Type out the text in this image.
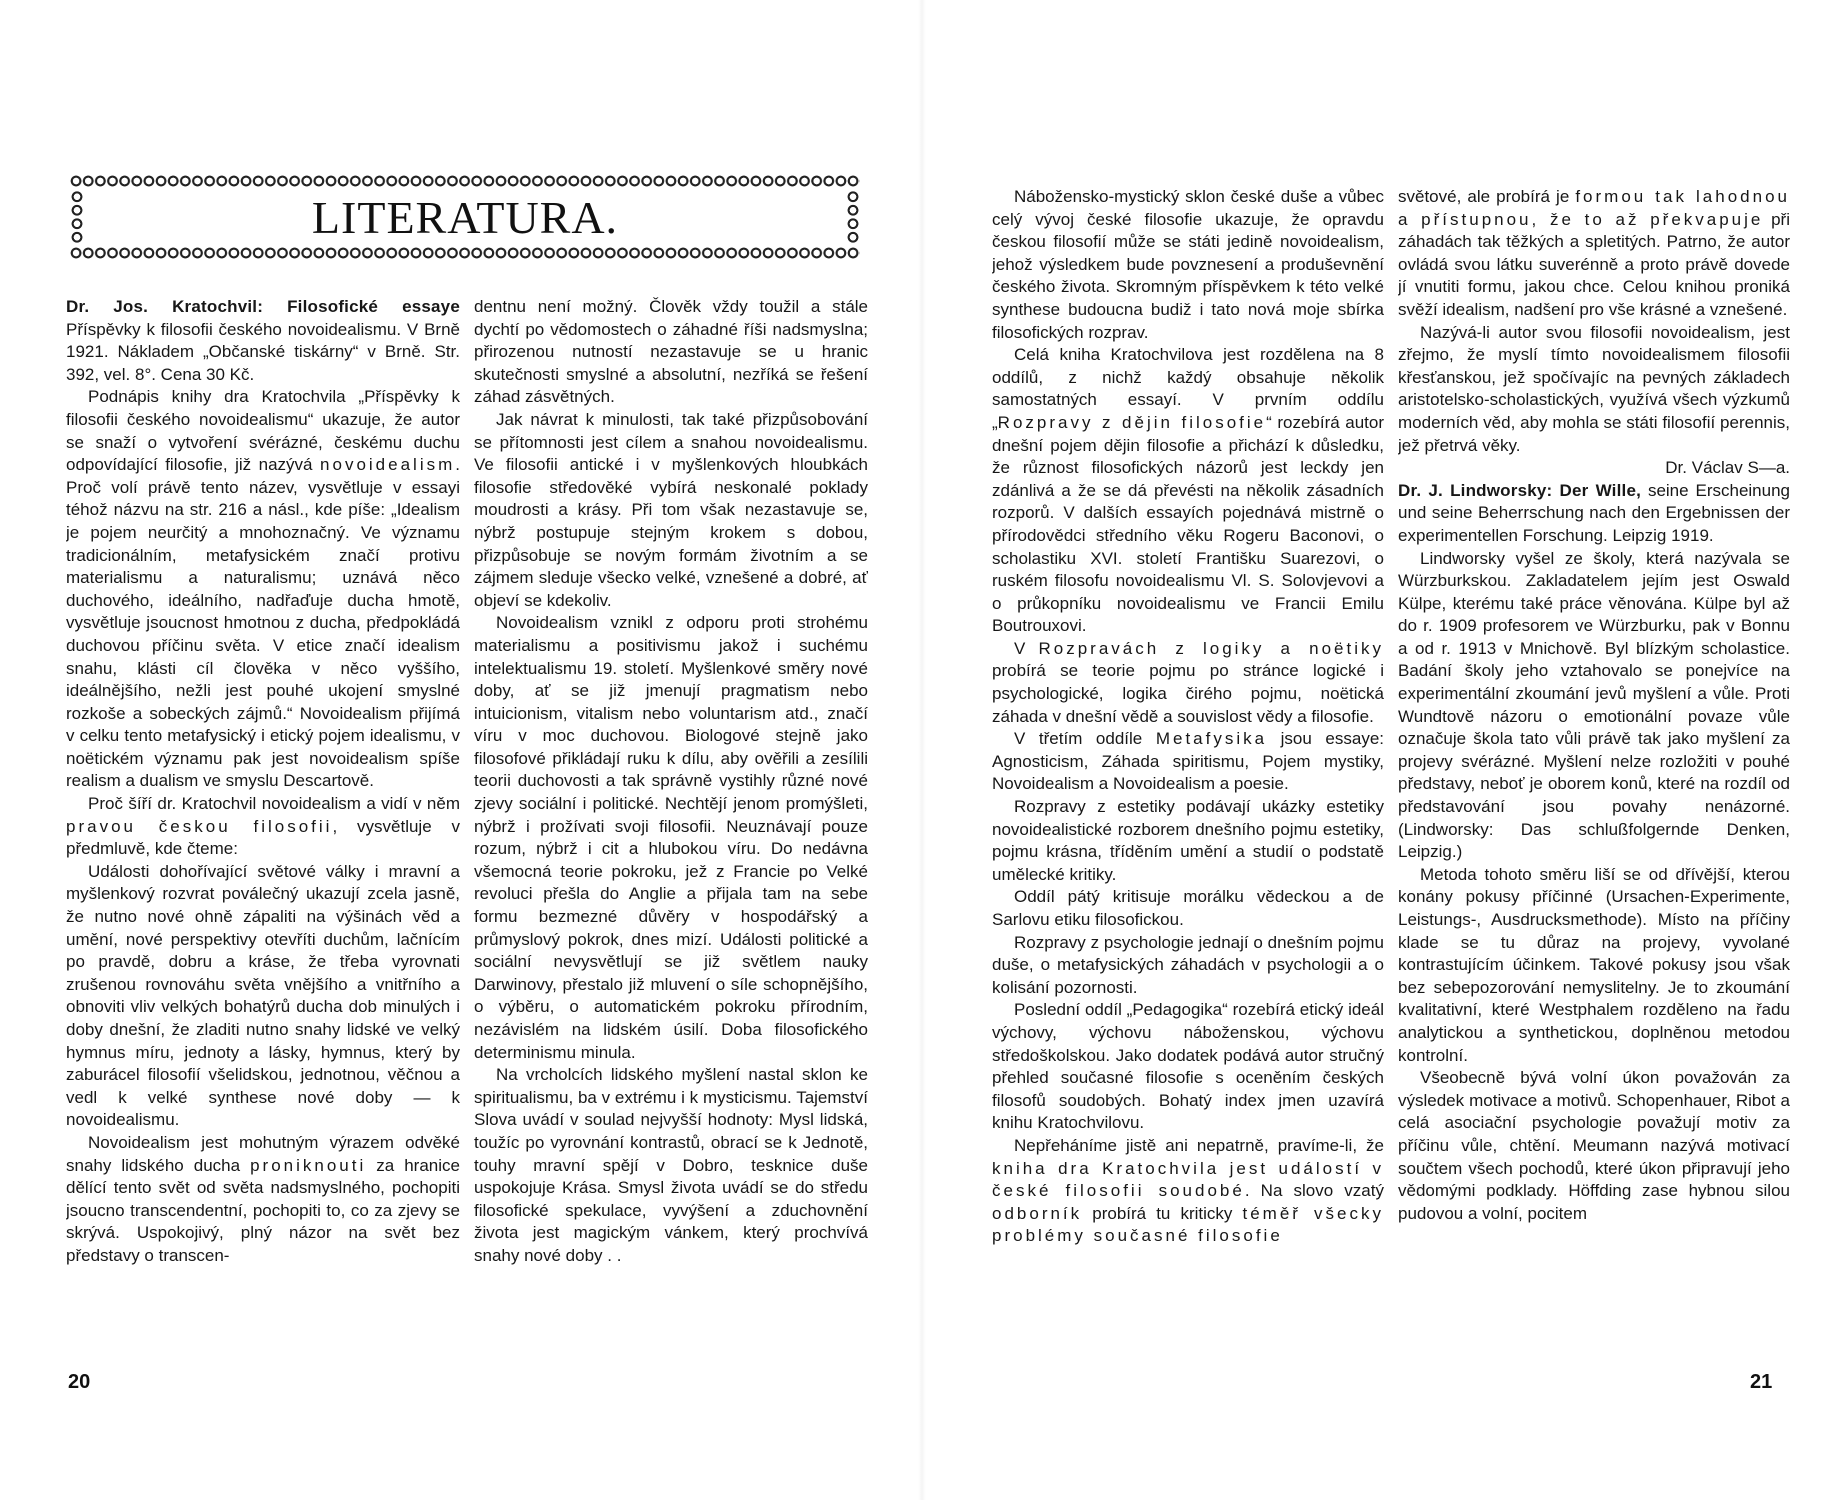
LITERATURA.

Dr. Jos. Kratochvil: Filosofické essaye Příspěvky k filosofii českého novoidealismu. V Brně 1921. Nákladem „Občanské tiskárny“ v Brně. Str. 392, vel. 8°. Cena 30 Kč.

Podnápis knihy dra Kratochvila „Příspěvky k filosofii českého novoidealismu“ ukazuje, že autor se snaží o vytvoření svérázné, českému duchu odpovídající filosofie, již nazývá novoidealism. Proč volí právě tento název, vysvětluje v essayi téhož názvu na str. 216 a násl., kde píše: „Idealism je pojem neurčitý a mnohoznačný. Ve významu tradicionálním, metafysickém značí protivu materialismu a naturalismu; uznává něco duchového, ideálního, nadřaďuje ducha hmotě, vysvětluje jsoucnost hmotnou z ducha, předpokládá duchovou příčinu světa. V etice značí idealism snahu, klásti cíl člověka v něco vyššího, ideálnějšího, nežli jest pouhé ukojení smyslné rozkoše a sobeckých zájmů.“ Novoidealism přijímá v celku tento metafysický i etický pojem idealismu, v noëtickém významu pak jest novoidealism spíše realism a dualism ve smyslu Descartově.

Proč šíří dr. Kratochvil novoidealism a vidí v něm pravou českou filosofii, vysvětluje v předmluvě, kde čteme:

Události dohořívající světové války i mravní a myšlenkový rozvrat poválečný ukazují zcela jasně, že nutno nové ohně zápaliti na výšinách věd a umění, nové perspektivy otevříti duchům, lačnícím po pravdě, dobru a kráse, že třeba vyrovnati zrušenou rovnováhu světa vnějšího a vnitřního a obnoviti vliv velkých bohatýrů ducha dob minulých i doby dnešní, že zladiti nutno snahy lidské ve velký hymnus míru, jednoty a lásky, hymnus, který by zaburácel filosofií všelidskou, jednotnou, věčnou a vedl k velké synthese nové doby — k novoidealismu.

Novoidealism jest mohutným výrazem odvěké snahy lidského ducha proniknouti za hranice dělící tento svět od světa nadsmyslného, pochopiti jsoucno transcendentní, pochopiti to, co za zjevy se skrývá. Uspokojivý, plný názor na svět bez představy o transcen-

dentnu není možný. Člověk vždy toužil a stále dychtí po vědomostech o záhadné říši nadsmyslna; přirozenou nutností nezastavuje se u hranic skutečnosti smyslné a absolutní, nezříká se řešení záhad zásvětných.

Jak návrat k minulosti, tak také přizpůsobování se přítomnosti jest cílem a snahou novoidealismu. Ve filosofii antické i v myšlenkových hloubkách filosofie středověké vybírá neskonalé poklady moudrosti a krásy. Při tom však nezastavuje se, nýbrž postupuje stejným krokem s dobou, přizpůsobuje se novým formám životním a se zájmem sleduje všecko velké, vznešené a dobré, ať objeví se kdekoliv.

Novoidealism vznikl z odporu proti strohému materialismu a positivismu jakož i suchému intelektualismu 19. století. Myšlenkové směry nové doby, ať se již jmenují pragmatism nebo intuicionism, vitalism nebo voluntarism atd., značí víru v moc duchovou. Biologové stejně jako filosofové přikládají ruku k dílu, aby ověřili a zesílili teorii duchovosti a tak správně vystihly různé nové zjevy sociální i politické. Nechtějí jenom promýšleti, nýbrž i prožívati svoji filosofii. Neuznávají pouze rozum, nýbrž i cit a hlubokou víru. Do nedávna všemocná teorie pokroku, jež z Francie po Velké revoluci přešla do Anglie a přijala tam na sebe formu bezmezné důvěry v hospodářský a průmyslový pokrok, dnes mizí. Události politické a sociální nevysvětlují se již světlem nauky Darwinovy, přestalo již mluvení o síle schopnějšího, o výběru, o automatickém pokroku přírodním, nezávislém na lidském úsilí. Doba filosofického determinismu minula.

Na vrcholcích lidského myšlení nastal sklon ke spiritualismu, ba v extrému i k mysticismu. Tajemství Slova uvádí v soulad nejvyšší hodnoty: Mysl lidská, toužíc po vyrovnání kontrastů, obrací se k Jednotě, touhy mravní spějí v Dobro, tesknice duše uspokojuje Krása. Smysl života uvádí se do středu filosofické spekulace, vyvýšení a zduchovnění života jest magickým vánkem, který prochvívá snahy nové doby . .

20

Nábožensko-mystický sklon české duše a vůbec celý vývoj české filosofie ukazuje, že opravdu českou filosofií může se státi jedině novoidealism, jehož výsledkem bude povznesení a produševnění českého života. Skromným příspěvkem k této velké synthese budoucna budiž i tato nová moje sbírka filosofických rozprav.

Celá kniha Kratochvilova jest rozdělena na 8 oddílů, z nichž každý obsahuje několik samostatných essayí. V prvním oddílu „Rozpravy z dějin filosofie“ rozebírá autor dnešní pojem dějin filosofie a přichází k důsledku, že různost filosofických názorů jest leckdy jen zdánlivá a že se dá převésti na několik zásadních rozporů. V dalších essayích pojednává mistrně o přírodovědci středního věku Rogeru Baconovi, o scholastiku XVI. století Františku Suarezovi, o ruském filosofu novoidealismu Vl. S. Solovjevovi a o průkopníku novoidealismu ve Francii Emilu Boutrouxovi.

V Rozpravách z logiky a noëtiky probírá se teorie pojmu po stránce logické i psychologické, logika čirého pojmu, noëtická záhada v dnešní vědě a souvislost vědy a filosofie.

V třetím oddíle Metafysika jsou essaye: Agnosticism, Záhada spiritismu, Pojem mystiky, Novoidealism a Novoidealism a poesie.

Rozpravy z estetiky podávají ukázky estetiky novoidealistické rozborem dnešního pojmu estetiky, pojmu krásna, tříděním umění a studií o podstatě umělecké kritiky.

Oddíl pátý kritisuje morálku vědeckou a de Sarlovu etiku filosofickou.

Rozpravy z psychologie jednají o dnešním pojmu duše, o metafysických záhadách v psychologii a o kolisání pozornosti.

Poslední oddíl „Pedagogika“ rozebírá etický ideál výchovy, výchovu náboženskou, výchovu středoškolskou. Jako dodatek podává autor stručný přehled současné filosofie s oceněním českých filosofů soudobých. Bohatý index jmen uzavírá knihu Kratochvilovu.

Nepřeháníme jistě ani nepatrně, pravíme-li, že kniha dra Kratochvila jest událostí v české filosofii soudobé. Na slovo vzatý odborník probírá tu kriticky téměř všecky problémy současné filosofie

světové, ale probírá je formou tak lahodnou a přístupnou, že to až překvapuje při záhadách tak těžkých a spletitých. Patrno, že autor ovládá svou látku suverénně a proto právě dovede jí vnutiti formu, jakou chce. Celou knihou proniká svěží idealism, nadšení pro vše krásné a vznešené.

Nazývá-li autor svou filosofii novoidealism, jest zřejmo, že myslí tímto novoidealismem filosofii křesťanskou, jež spočívajíc na pevných základech aristotelsko-scholastických, využívá všech výzkumů moderních věd, aby mohla se státi filosofií perennis, jež přetrvá věky.

Dr. Václav S—a.

Dr. J. Lindworsky: Der Wille, seine Erscheinung und seine Beherrschung nach den Ergebnissen der experimentellen Forschung. Leipzig 1919.

Lindworsky vyšel ze školy, která nazývala se Würzburkskou. Zakladatelem jejím jest Oswald Külpe, kterému také práce věnována. Külpe byl až do r. 1909 profesorem ve Würzburku, pak v Bonnu a od r. 1913 v Mnichově. Byl blízkým scholastice. Badání školy jeho vztahovalo se ponejvíce na experimentální zkoumání jevů myšlení a vůle. Proti Wundtově názoru o emotionální povaze vůle označuje škola tato vůli právě tak jako myšlení za projevy svérázné. Myšlení nelze rozložiti v pouhé představy, neboť je oborem konů, které na rozdíl od představování jsou povahy nenázorné. (Lindworsky: Das schlußfolgernde Denken, Leipzig.)

Metoda tohoto směru liší se od dřívější, kterou konány pokusy příčinné (Ursachen-Experimente, Leistungs-, Ausdrucksmethode). Místo na příčiny klade se tu důraz na projevy, vyvolané kontrastujícím účinkem. Takové pokusy jsou však bez sebepozorování nemyslitelny. Je to zkoumání kvalitativní, které Westphalem rozděleno na řadu analytickou a synthetickou, doplněnou metodou kontrolní.

Všeobecně bývá volní úkon považován za výsledek motivace a motivů. Schopenhauer, Ribot a celá asociační psychologie považují motiv za příčinu vůle, chtění. Meumann nazývá motivací součtem všech pochodů, které úkon připravují jeho vědomými podklady. Höffding zase hybnou silou pudovou a volní, pocitem

21
